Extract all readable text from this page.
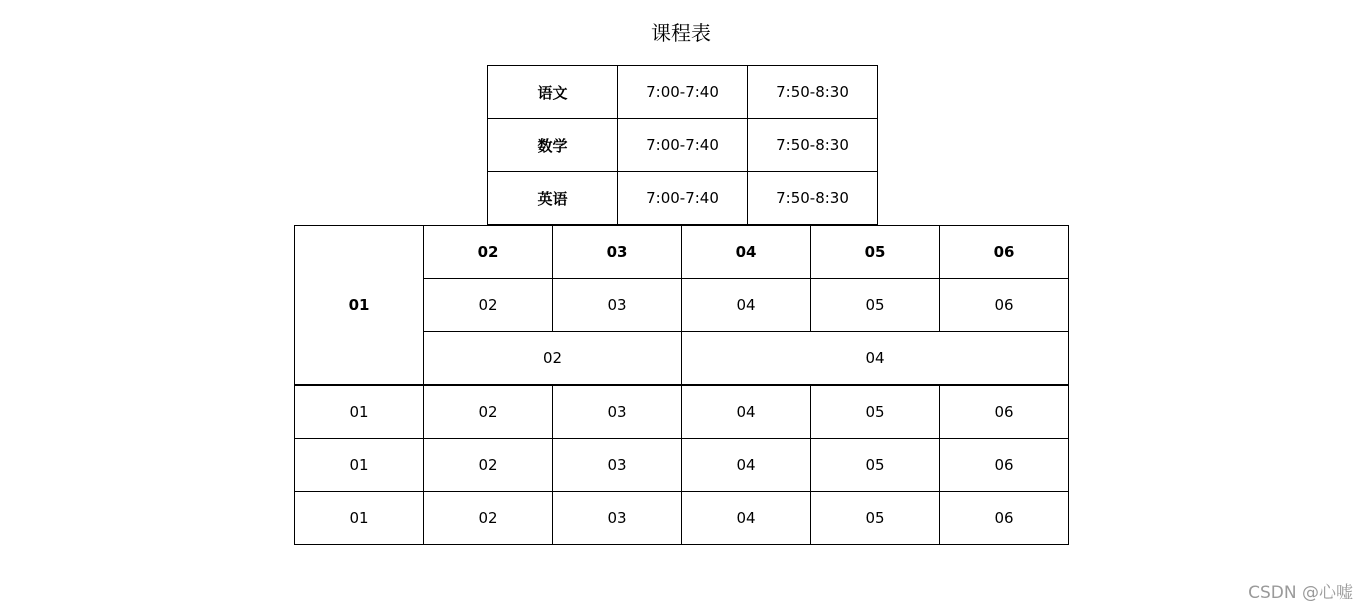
课程表
语文	7:00-7:40	7:50-8:30
数学	7:00-7:40	7:50-8:30
英语	7:00-7:40	7:50-8:30
01	02	03	04	05	06
	02	03	04	05	06
	02		04		
01	02	03	04	05	06
01	02	03	04	05	06
01	02	03	04	05	06
CSDN @心嘘
